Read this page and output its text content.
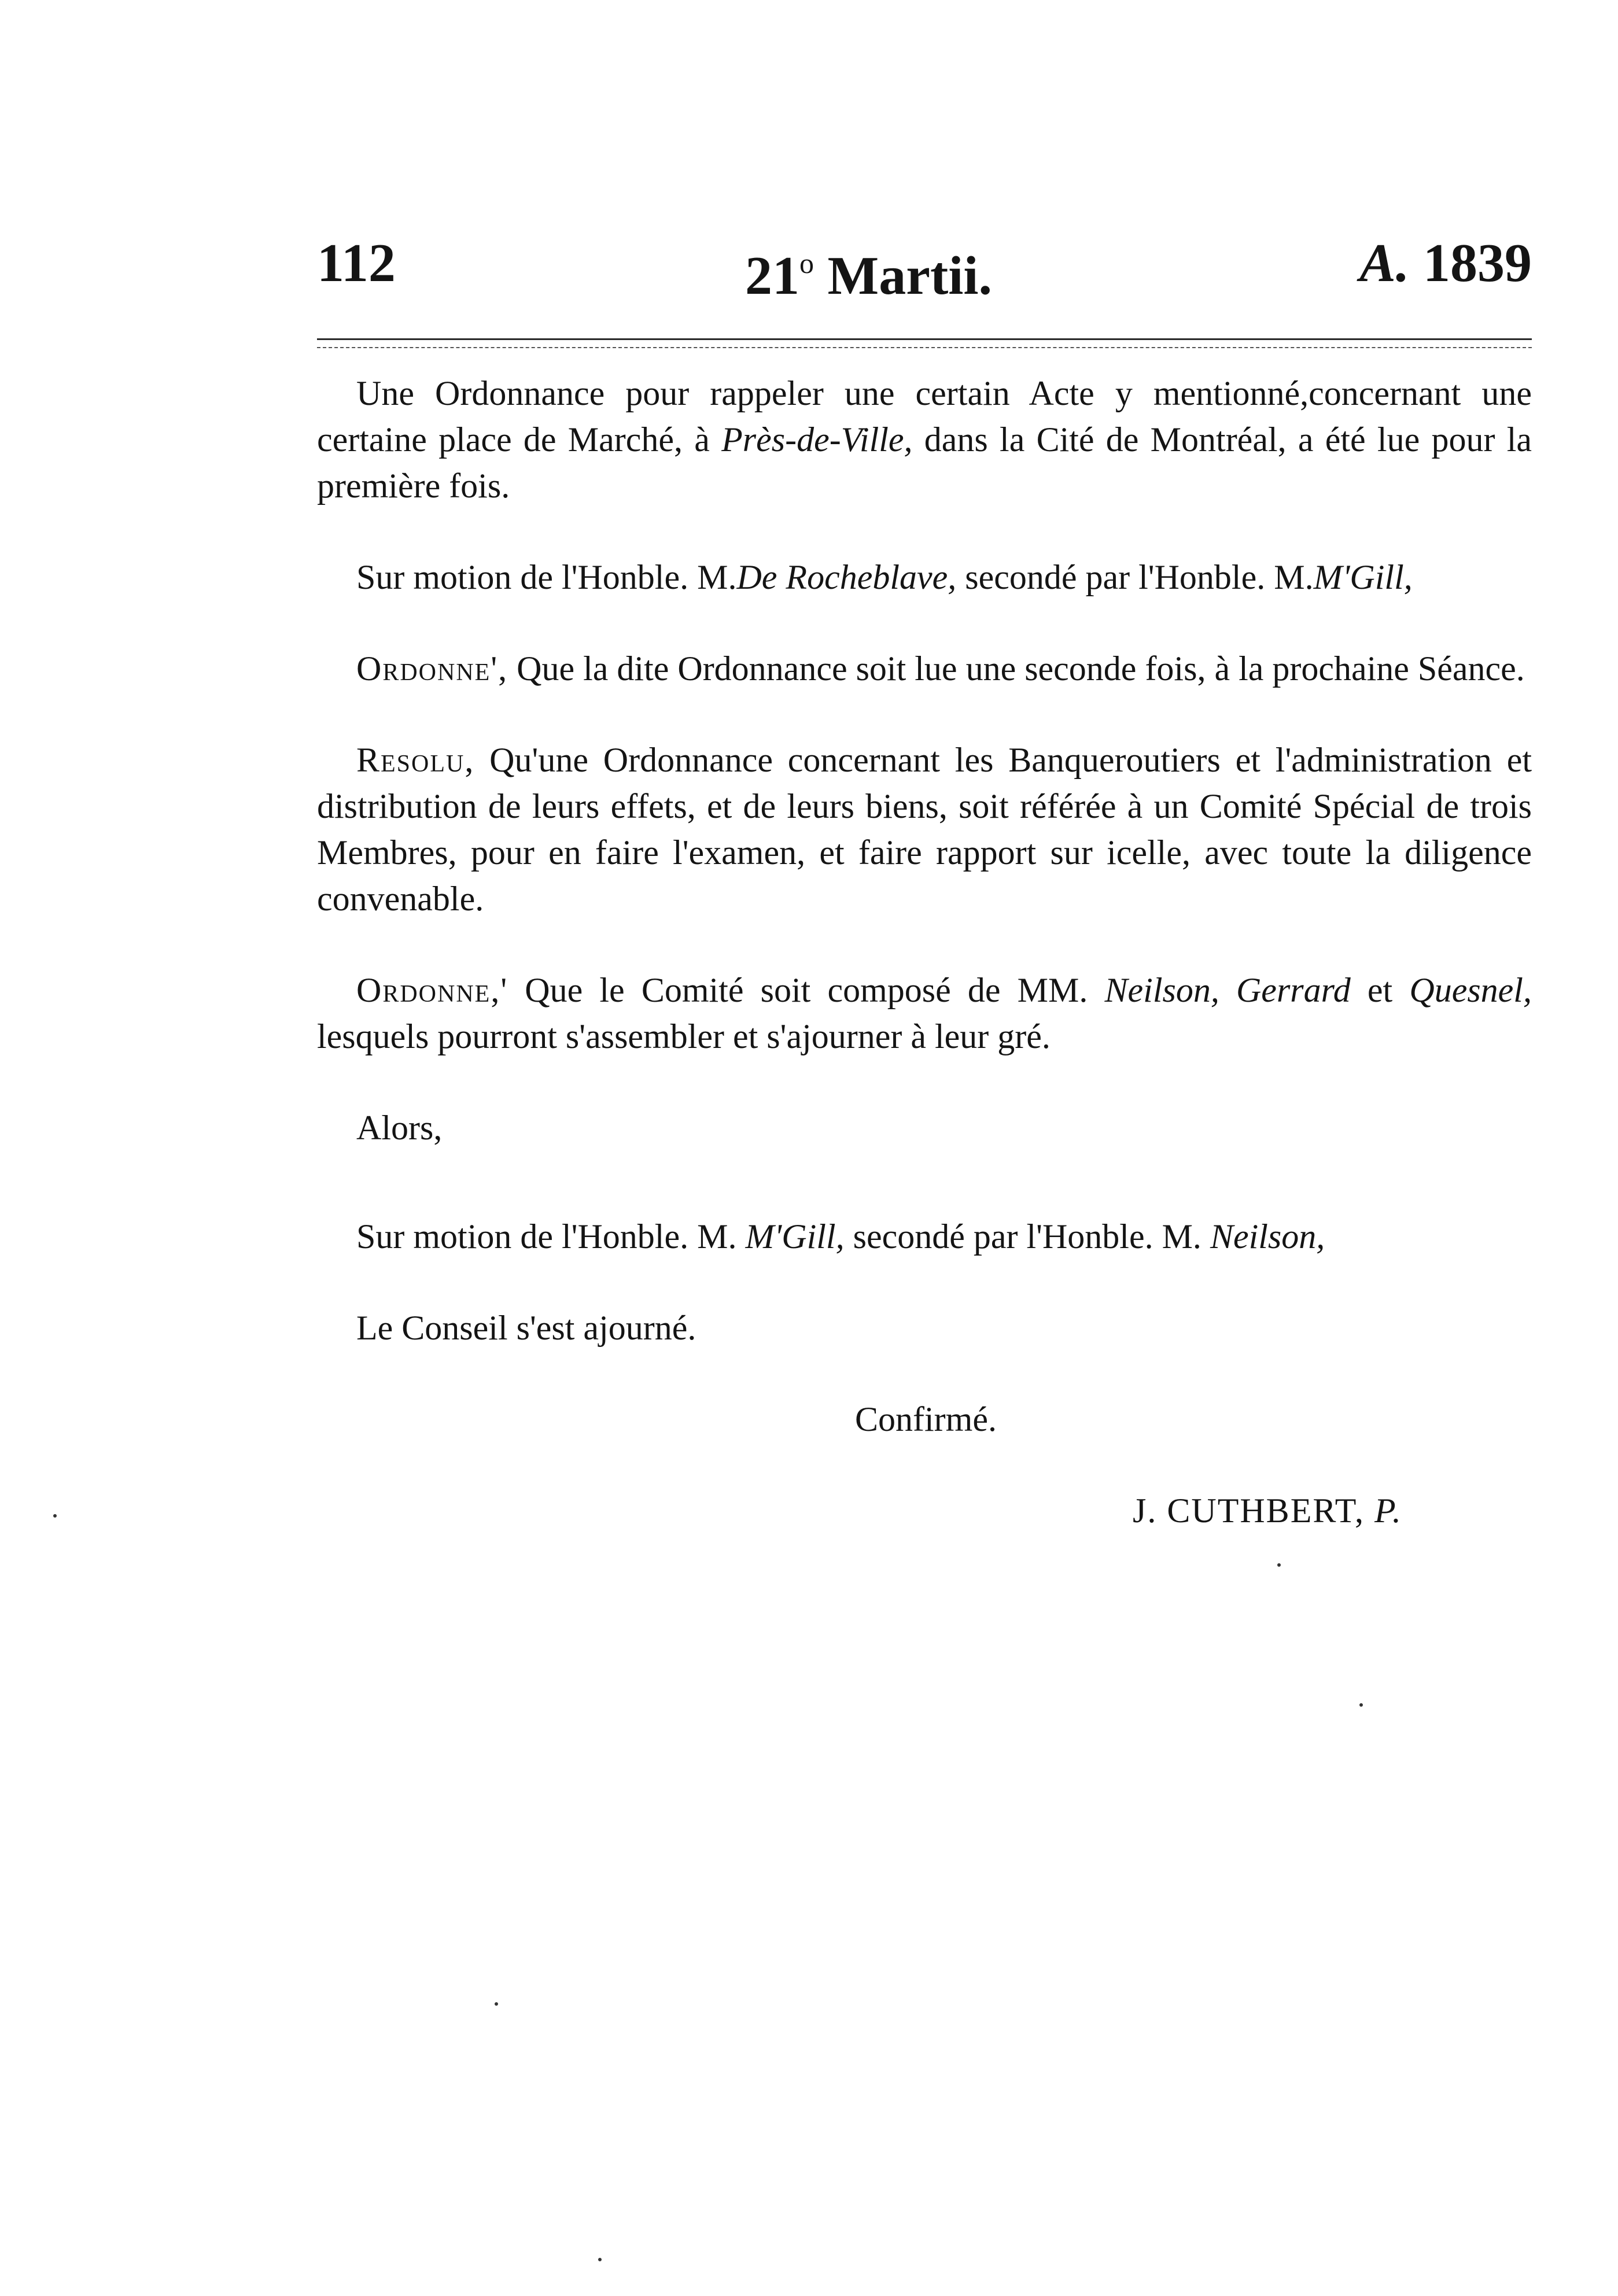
112	21$^o$ Martii.	A. 1839

Une Ordonnance pour rappeler une certain Acte y mentionné,concernant une certaine place de Marché, à Près-de-Ville, dans la Cité de Montréal, a été lue pour la première fois.

Sur motion de l'Honble. M.De Rocheblave, secondé par l'Honble. M.M'Gill,

Ordonne', Que la dite Ordonnance soit lue une seconde fois, à la prochaine Séance.

Resolu, Qu'une Ordonnance concernant les Banqueroutiers et l'administration et distribution de leurs effets, et de leurs biens, soit référée à un Comité Spécial de trois Membres, pour en faire l'examen, et faire rapport sur icelle, avec toute la diligence convenable.

Ordonne,' Que le Comité soit composé de MM. Neilson, Gerrard et Quesnel, lesquels pourront s'assembler et s'ajourner à leur gré.

Alors,

Sur motion de l'Honble. M. M'Gill, secondé par l'Honble. M. Neilson,

Le Conseil s'est ajourné.

Confirmé.

J. CUTHBERT, P.
